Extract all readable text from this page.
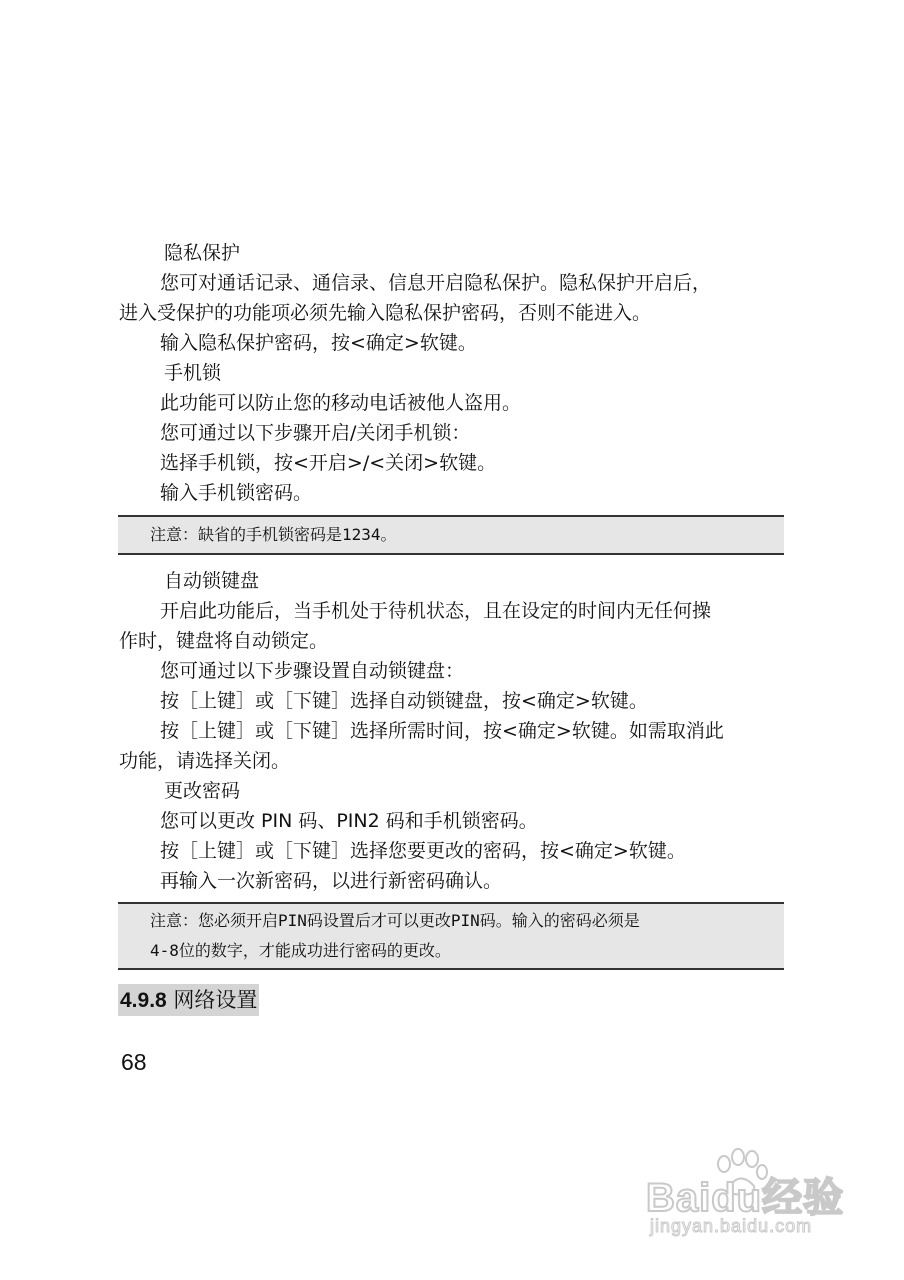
隐私保护
您可对通话记录、通信录、信息开启隐私保护。隐私保护开启后，
进入受保护的功能项必须先输入隐私保护密码，否则不能进入。
输入隐私保护密码，按<确定>软键。
手机锁
此功能可以防止您的移动电话被他人盗用。
您可通过以下步骤开启/关闭手机锁：
选择手机锁，按<开启>/<关闭>软键。
输入手机锁密码。
注意：缺省的手机锁密码是1234。
自动锁键盘
开启此功能后，当手机处于待机状态，且在设定的时间内无任何操
作时，键盘将自动锁定。
您可通过以下步骤设置自动锁键盘：
按［上键］或［下键］选择自动锁键盘，按<确定>软键。
按［上键］或［下键］选择所需时间，按<确定>软键。如需取消此
功能，请选择关闭。
更改密码
您可以更改 PIN 码、PIN2 码和手机锁密码。
按［上键］或［下键］选择您要更改的密码，按<确定>软键。
再输入一次新密码，以进行新密码确认。
注意：您必须开启PIN码设置后才可以更改PIN码。输入的密码必须是
4-8位的数字，才能成功进行密码的更改。
4.9.8 网络设置
68
Baidu经验
jingyan.baidu.com
